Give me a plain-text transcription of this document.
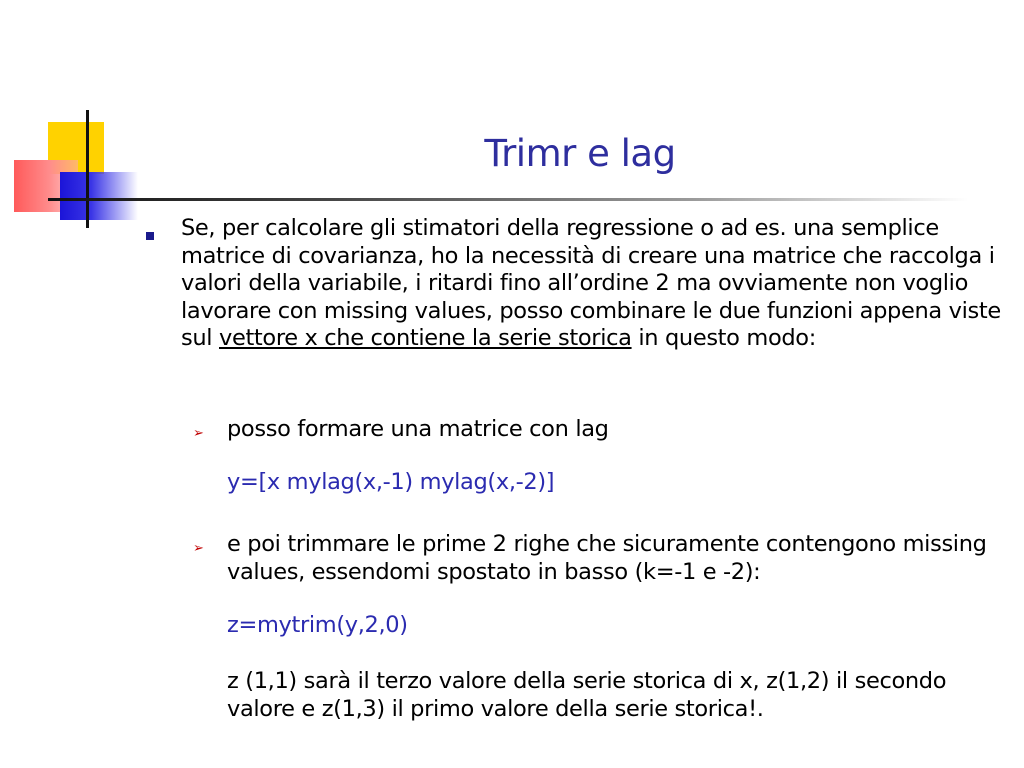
Trimr e lag
Se, per calcolare gli stimatori della regressione o ad es. una semplice matrice di covarianza, ho la necessità di creare una matrice che raccolga i valori della variabile, i ritardi fino all’ordine 2 ma ovviamente non voglio lavorare con missing values, posso combinare le due funzioni appena viste sul vettore x che contiene la serie storica in questo modo:
➢ posso formare una matrice con lag
y=[x mylag(x,-1) mylag(x,-2)]
➢ e poi trimmare le prime 2 righe che sicuramente contengono missing values, essendomi spostato in basso (k=-1 e -2):
z=mytrim(y,2,0)
z (1,1) sarà il terzo valore della serie storica di x, z(1,2) il secondo valore e z(1,3) il primo valore della serie storica!.
